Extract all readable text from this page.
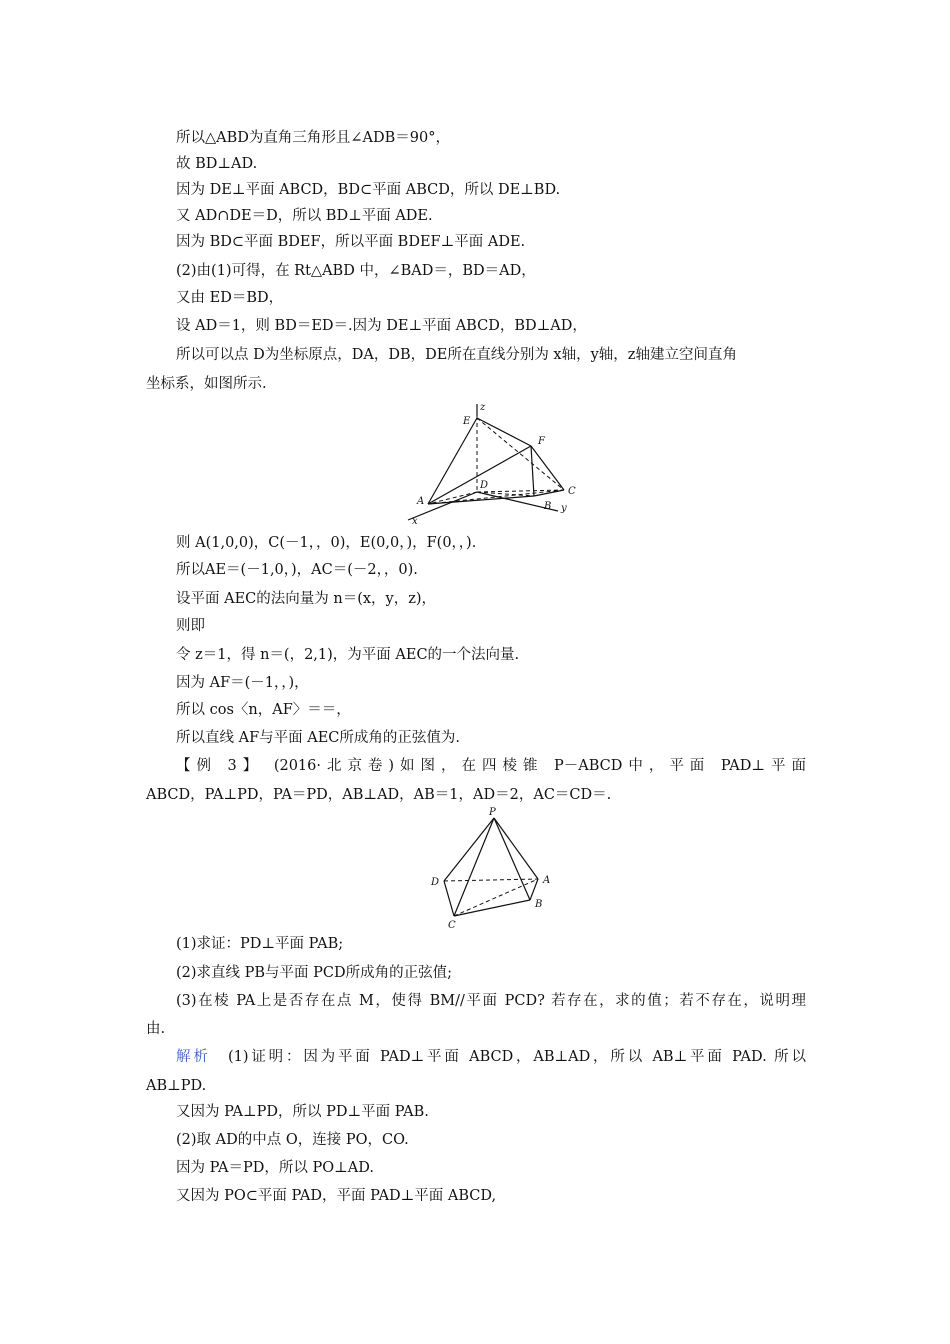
所以△ABD为直角三角形且∠ADB＝90°，
故 BD⊥AD.
因为 DE⊥平面 ABCD，BD⊂平面 ABCD，所以 DE⊥BD.
又 AD∩DE＝D，所以 BD⊥平面 ADE.
因为 BD⊂平面 BDEF，所以平面 BDEF⊥平面 ADE.
(2)由(1)可得，在 Rt△ABD 中，∠BAD＝，BD＝AD，
又由 ED＝BD，
设 AD＝1，则 BD＝ED＝.因为 DE⊥平面 ABCD，BD⊥AD，
所以可以点 D为坐标原点，DA，DB，DE所在直线分别为 x轴，y轴，z轴建立空间直角
坐标系，如图所示.
z
E
F
D
C
A	B
x
y
则 A(1,0,0)，C(－1，，0)，E(0,0，)，F(0，，).
所以AE＝(－1,0，)，AC＝(－2，，0).
设平面 AEC的法向量为 n＝(x，y，z)，
则即
令 z＝1，得 n＝(，2,1)，为平面 AEC的一个法向量.
因为 AF＝(－1，，)，
所以 cos〈n，AF〉＝＝，
所以直线 AF与平面 AEC所成角的正弦值为.
【例 3】 (2016·北京卷)如图，在四棱锥 P－ABCD中，平面 PAD⊥平面
ABCD，PA⊥PD，PA＝PD，AB⊥AD，AB＝1，AD＝2，AC＝CD＝.
P
D	A
B
C
(1)求证：PD⊥平面 PAB;
(2)求直线 PB与平面 PCD所成角的正弦值;
(3)在棱 PA上是否存在点 M，使得 BM//平面 PCD? 若存在，求的值；若不存在，说明理
由.
解析　 (1)证明：因为平面 PAD⊥平面 ABCD，AB⊥AD，所以 AB⊥平面 PAD. 所以
AB⊥PD.
又因为 PA⊥PD，所以 PD⊥平面 PAB.
(2)取 AD的中点 O，连接 PO，CO.
因为 PA＝PD，所以 PO⊥AD.
又因为 PO⊂平面 PAD，平面 PAD⊥平面 ABCD,
